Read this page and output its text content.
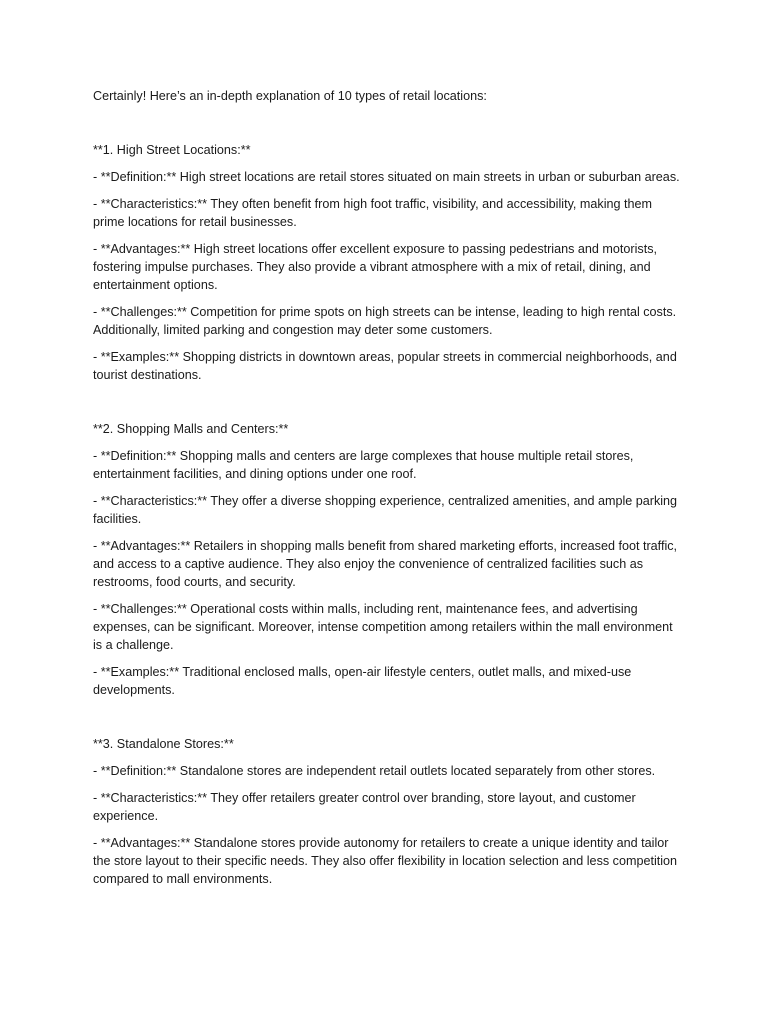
Certainly! Here’s an in-depth explanation of 10 types of retail locations:

**1. High Street Locations:**

- **Definition:** High street locations are retail stores situated on main streets in urban or suburban areas.

- **Characteristics:** They often benefit from high foot traffic, visibility, and accessibility, making them prime locations for retail businesses.

- **Advantages:** High street locations offer excellent exposure to passing pedestrians and motorists, fostering impulse purchases. They also provide a vibrant atmosphere with a mix of retail, dining, and entertainment options.

- **Challenges:** Competition for prime spots on high streets can be intense, leading to high rental costs. Additionally, limited parking and congestion may deter some customers.

- **Examples:** Shopping districts in downtown areas, popular streets in commercial neighborhoods, and tourist destinations.

**2. Shopping Malls and Centers:**

- **Definition:** Shopping malls and centers are large complexes that house multiple retail stores, entertainment facilities, and dining options under one roof.

- **Characteristics:** They offer a diverse shopping experience, centralized amenities, and ample parking facilities.

- **Advantages:** Retailers in shopping malls benefit from shared marketing efforts, increased foot traffic, and access to a captive audience. They also enjoy the convenience of centralized facilities such as restrooms, food courts, and security.

- **Challenges:** Operational costs within malls, including rent, maintenance fees, and advertising expenses, can be significant. Moreover, intense competition among retailers within the mall environment is a challenge.

- **Examples:** Traditional enclosed malls, open-air lifestyle centers, outlet malls, and mixed-use developments.

**3. Standalone Stores:**

- **Definition:** Standalone stores are independent retail outlets located separately from other stores.

- **Characteristics:** They offer retailers greater control over branding, store layout, and customer experience.

- **Advantages:** Standalone stores provide autonomy for retailers to create a unique identity and tailor the store layout to their specific needs. They also offer flexibility in location selection and less competition compared to mall environments.
